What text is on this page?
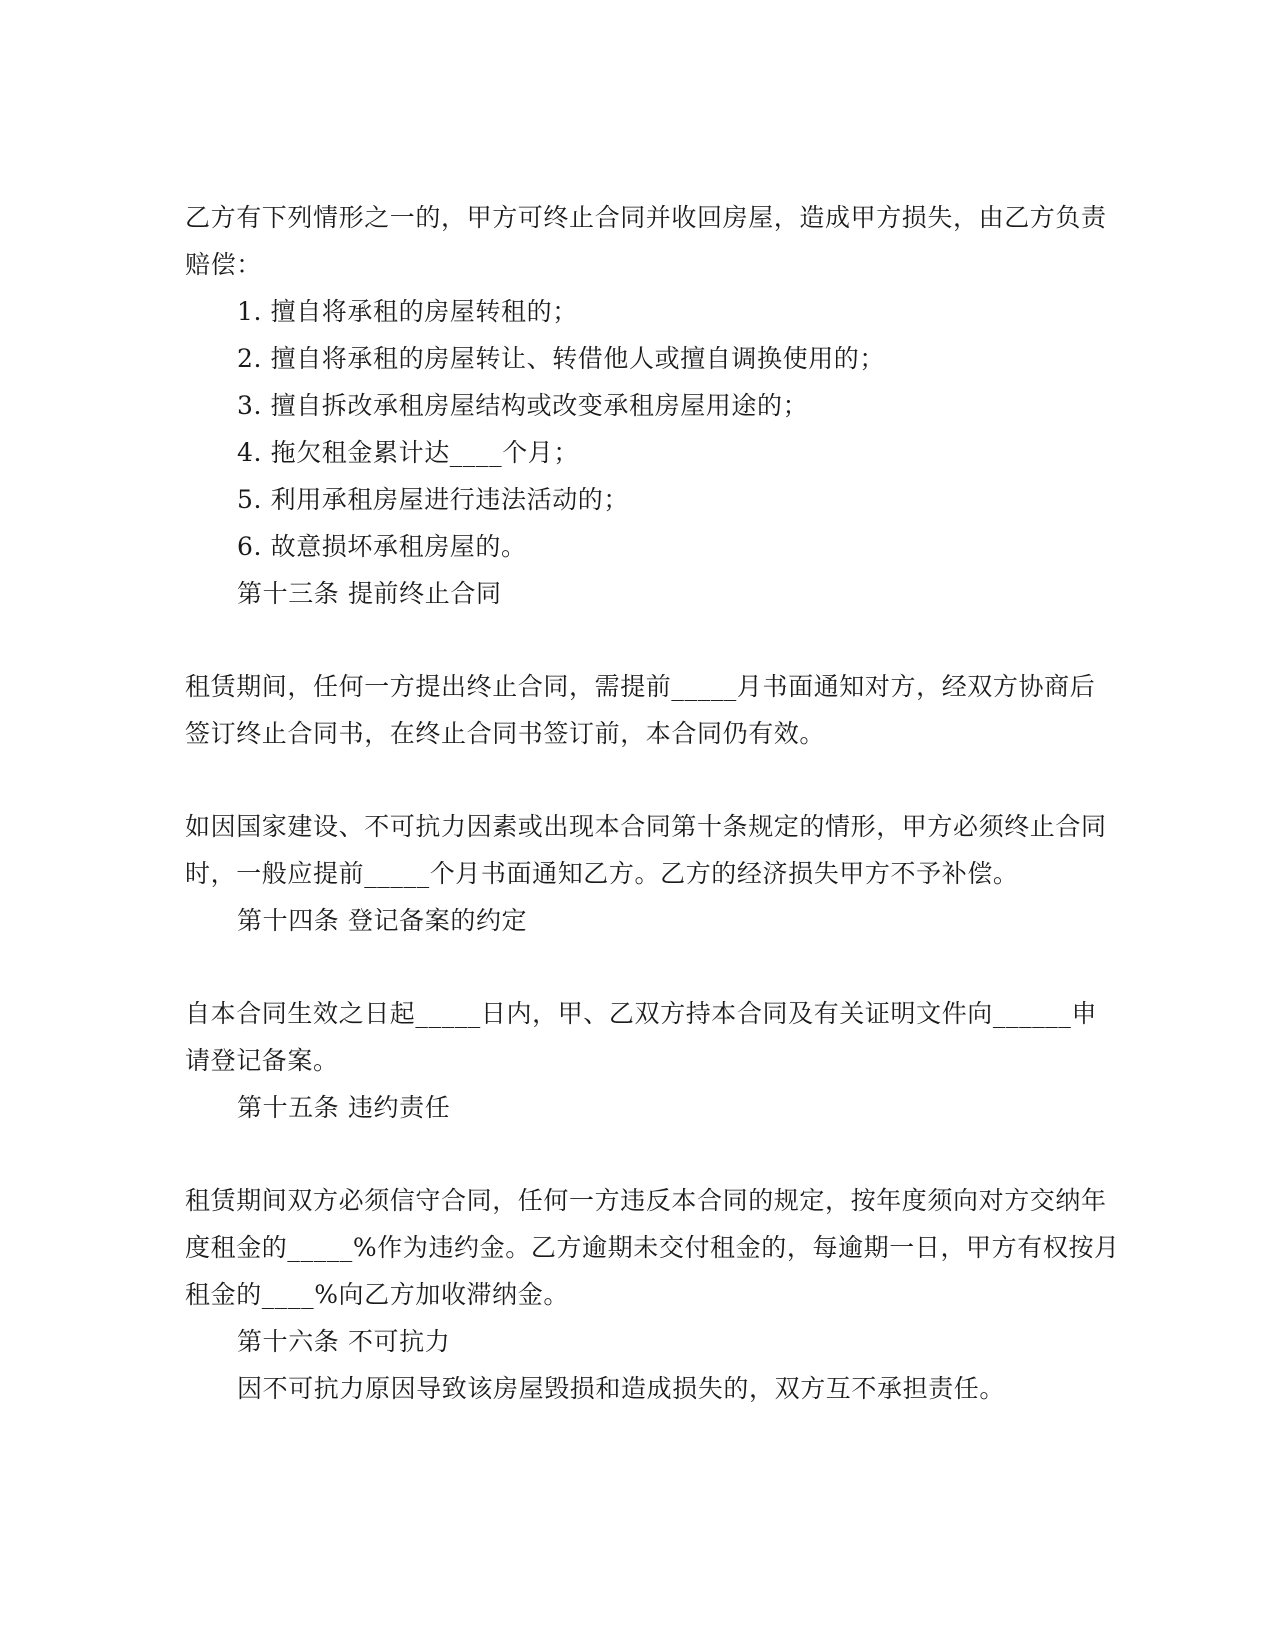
乙方有下列情形之一的，甲方可终止合同并收回房屋，造成甲方损失，由乙方负责
赔偿：
1. 擅自将承租的房屋转租的；
2. 擅自将承租的房屋转让、转借他人或擅自调换使用的；
3. 擅自拆改承租房屋结构或改变承租房屋用途的；
4. 拖欠租金累计达____个月；
5. 利用承租房屋进行违法活动的；
6. 故意损坏承租房屋的。
第十三条 提前终止合同
租赁期间，任何一方提出终止合同，需提前_____月书面通知对方，经双方协商后
签订终止合同书，在终止合同书签订前，本合同仍有效。
如因国家建设、不可抗力因素或出现本合同第十条规定的情形，甲方必须终止合同
时，一般应提前_____个月书面通知乙方。乙方的经济损失甲方不予补偿。
第十四条 登记备案的约定
自本合同生效之日起_____日内，甲、乙双方持本合同及有关证明文件向______申
请登记备案。
第十五条 违约责任
租赁期间双方必须信守合同，任何一方违反本合同的规定，按年度须向对方交纳年
度租金的_____%作为违约金。乙方逾期未交付租金的，每逾期一日，甲方有权按月
租金的____%向乙方加收滞纳金。
第十六条 不可抗力
因不可抗力原因导致该房屋毁损和造成损失的，双方互不承担责任。
